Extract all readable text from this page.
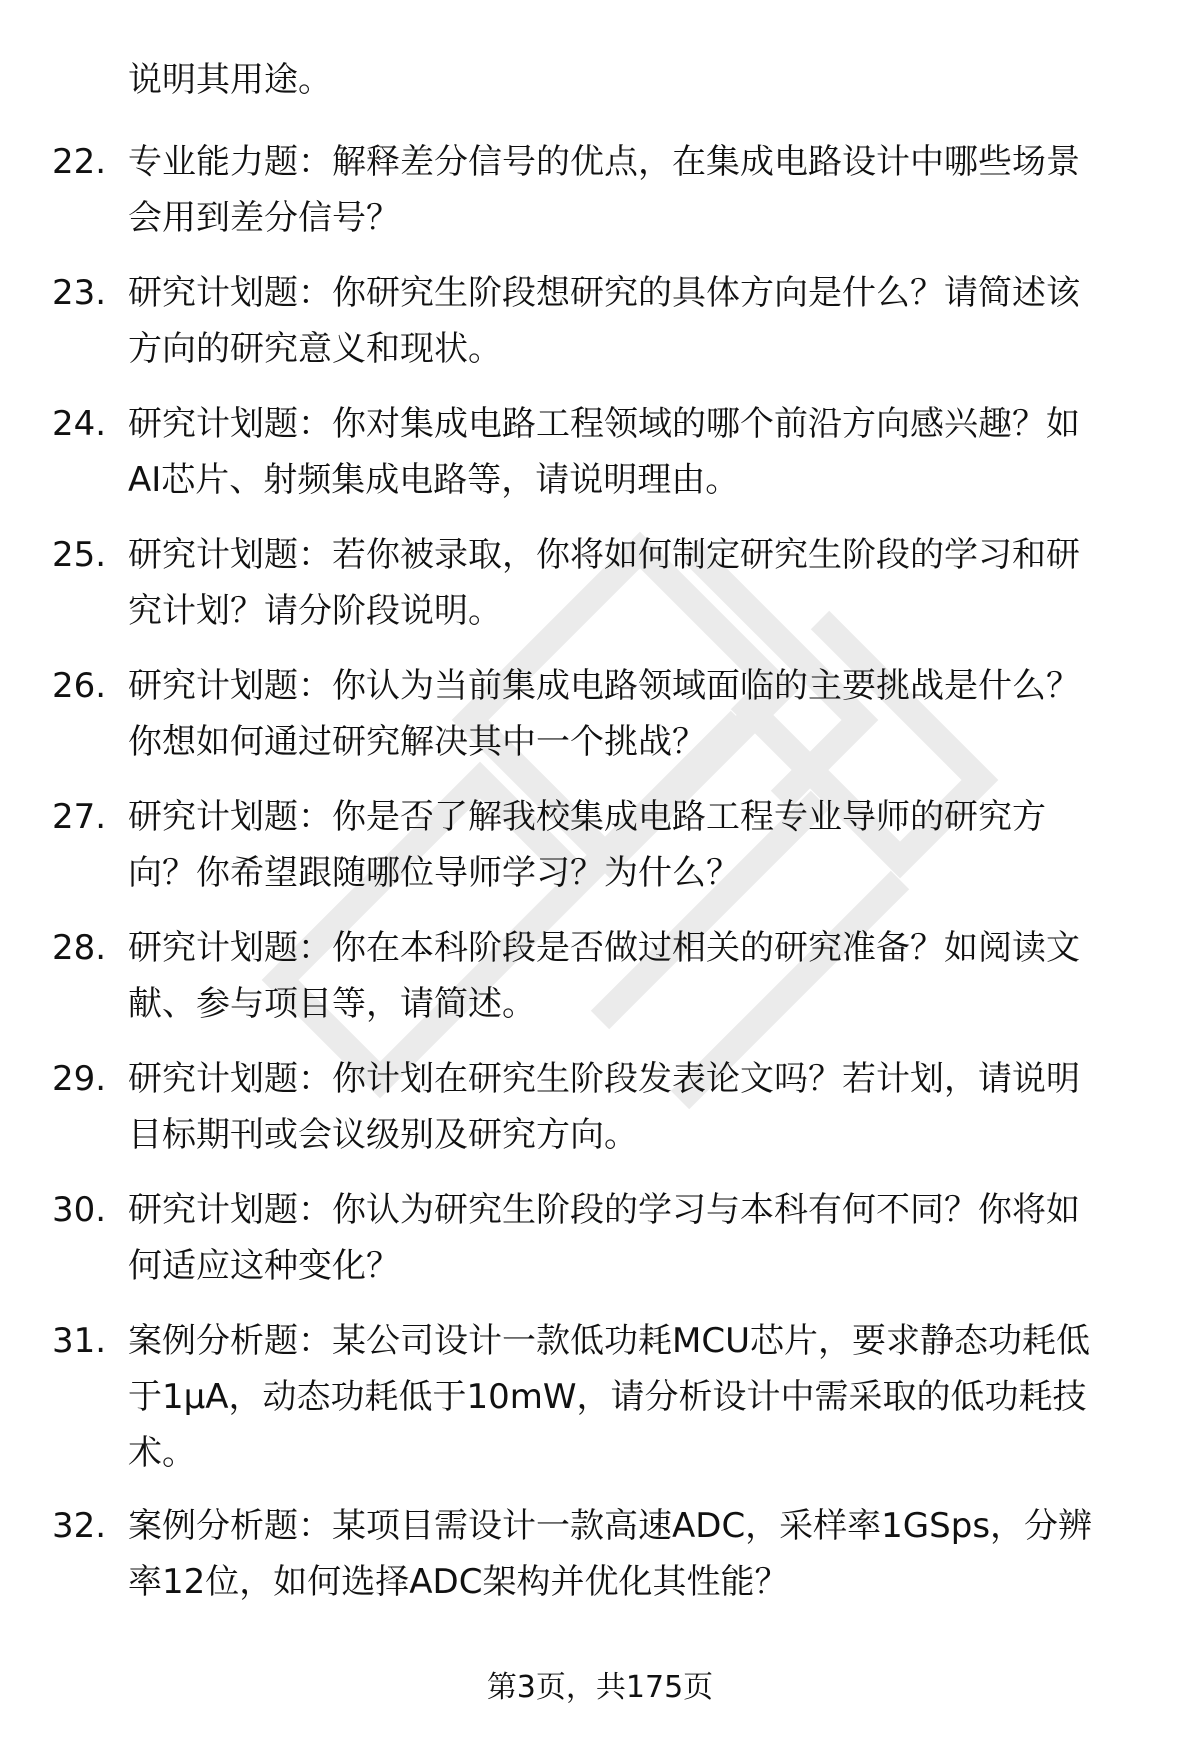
说明其用途。
22. 专业能力题：解释差分信号的优点，在集成电路设计中哪些场景
会用到差分信号？
23. 研究计划题：你研究生阶段想研究的具体方向是什么？请简述该
方向的研究意义和现状。
24. 研究计划题：你对集成电路工程领域的哪个前沿方向感兴趣？如
AI芯片、射频集成电路等，请说明理由。
25. 研究计划题：若你被录取，你将如何制定研究生阶段的学习和研
究计划？请分阶段说明。
26. 研究计划题：你认为当前集成电路领域面临的主要挑战是什么？
你想如何通过研究解决其中一个挑战？
27. 研究计划题：你是否了解我校集成电路工程专业导师的研究方
向？你希望跟随哪位导师学习？为什么？
28. 研究计划题：你在本科阶段是否做过相关的研究准备？如阅读文
献、参与项目等，请简述。
29. 研究计划题：你计划在研究生阶段发表论文吗？若计划，请说明
目标期刊或会议级别及研究方向。
30. 研究计划题：你认为研究生阶段的学习与本科有何不同？你将如
何适应这种变化？
31. 案例分析题：某公司设计一款低功耗MCU芯片，要求静态功耗低
于1μA，动态功耗低于10mW，请分析设计中需采取的低功耗技
术。
32. 案例分析题：某项目需设计一款高速ADC，采样率1GSps，分辨
率12位，如何选择ADC架构并优化其性能？
第3页，共175页
